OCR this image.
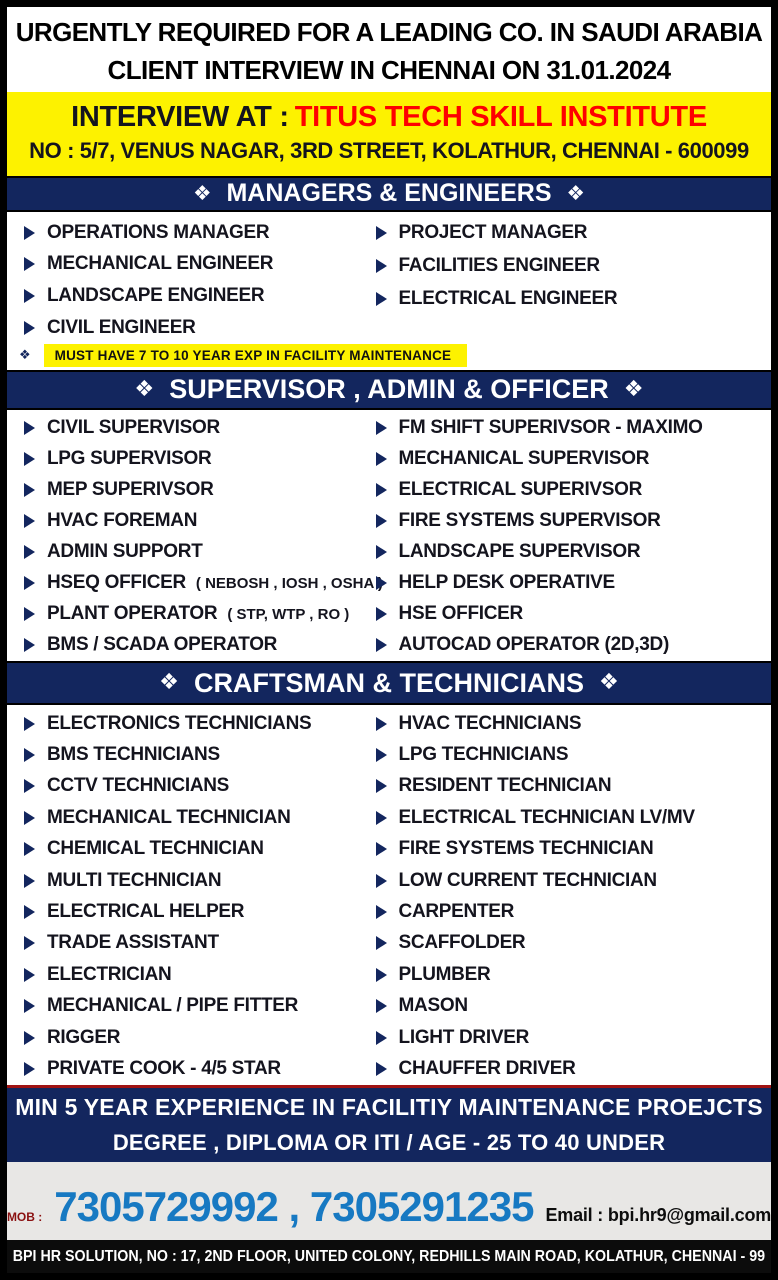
URGENTLY REQUIRED FOR A LEADING CO. IN SAUDI ARABIA
CLIENT INTERVIEW IN CHENNAI ON 31.01.2024
INTERVIEW AT : TITUS TECH SKILL INSTITUTE
NO : 5/7, VENUS NAGAR, 3RD STREET, KOLATHUR, CHENNAI - 600099
❖ MANAGERS & ENGINEERS ❖
OPERATIONS MANAGER
MECHANICAL ENGINEER
LANDSCAPE ENGINEER
CIVIL ENGINEER
PROJECT MANAGER
FACILITIES ENGINEER
ELECTRICAL ENGINEER
❖	MUST HAVE 7 TO 10 YEAR EXP IN FACILITY MAINTENANCE
❖ SUPERVISOR , ADMIN & OFFICER ❖
CIVIL SUPERVISOR
LPG SUPERVISOR
MEP SUPERIVSOR
HVAC FOREMAN
ADMIN SUPPORT
HSEQ OFFICER ( NEBOSH , IOSH , OSHA )
PLANT OPERATOR ( STP, WTP , RO )
BMS / SCADA OPERATOR
FM SHIFT SUPERIVSOR - MAXIMO
MECHANICAL SUPERVISOR
ELECTRICAL SUPERIVSOR
FIRE SYSTEMS SUPERVISOR
LANDSCAPE SUPERVISOR
HELP DESK OPERATIVE
HSE OFFICER
AUTOCAD OPERATOR (2D,3D)
❖ CRAFTSMAN & TECHNICIANS ❖
ELECTRONICS TECHNICIANS
BMS TECHNICIANS
CCTV TECHNICIANS
MECHANICAL TECHNICIAN
CHEMICAL TECHNICIAN
MULTI TECHNICIAN
ELECTRICAL HELPER
TRADE ASSISTANT
ELECTRICIAN
MECHANICAL / PIPE FITTER
RIGGER
PRIVATE COOK - 4/5 STAR
HVAC TECHNICIANS
LPG TECHNICIANS
RESIDENT TECHNICIAN
ELECTRICAL TECHNICIAN LV/MV
FIRE SYSTEMS TECHNICIAN
LOW CURRENT TECHNICIAN
CARPENTER
SCAFFOLDER
PLUMBER
MASON
LIGHT DRIVER
CHAUFFER DRIVER
MIN 5 YEAR EXPERIENCE IN FACILITIY MAINTENANCE PROEJCTS
DEGREE , DIPLOMA OR ITI / AGE - 25 TO 40 UNDER
MOB : 7305729992 , 7305291235 Email : bpi.hr9@gmail.com
BPI HR SOLUTION, NO : 17, 2ND FLOOR, UNITED COLONY, REDHILLS MAIN ROAD, KOLATHUR, CHENNAI - 99
